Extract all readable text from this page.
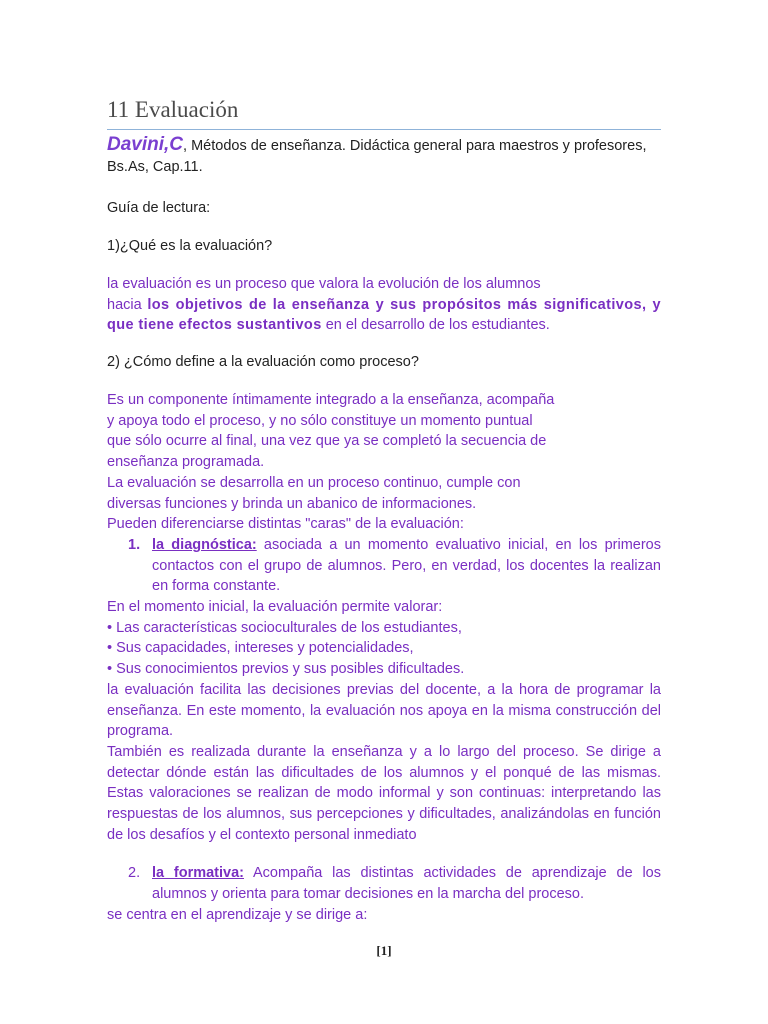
11 Evaluación
Davini,C, Métodos de enseñanza. Didáctica general para maestros y profesores, Bs.As, Cap.11.
Guía de lectura:
1)¿Qué es la evaluación?
la evaluación es un proceso que valora la evolución de los alumnos
hacia los objetivos de la enseñanza y sus propósitos más significativos, y que tiene efectos sustantivos en el desarrollo de los estudiantes.
2) ¿Cómo define a la evaluación como proceso?
Es un componente íntimamente integrado a la enseñanza, acompaña
y apoya todo el proceso, y no sólo constituye un momento puntual
que sólo ocurre al final, una vez que ya se completó la secuencia de
enseñanza programada.
La evaluación se desarrolla en un proceso continuo, cumple con
diversas funciones y brinda un abanico de informaciones.
Pueden diferenciarse distintas "caras" de la evaluación:
1. la diagnóstica: asociada a un momento evaluativo inicial, en los primeros contactos con el grupo de alumnos. Pero, en verdad, los docentes la realizan en forma constante.
En el momento inicial, la evaluación permite valorar:
• Las características socioculturales de los estudiantes,
• Sus capacidades, intereses y potencialidades,
• Sus conocimientos previos y sus posibles dificultades.
la evaluación facilita las decisiones previas del docente, a la hora de programar la enseñanza. En este momento, la evaluación nos apoya en la misma construcción del programa.
También es realizada durante la enseñanza y a lo largo del proceso. Se dirige a detectar dónde están las dificultades de los alumnos y el ponqué de las mismas. Estas valoraciones se realizan de modo informal y son continuas: interpretando las respuestas de los alumnos, sus percepciones y dificultades, analizándolas en función de los desafíos y el contexto personal inmediato
2. la formativa: Acompaña las distintas actividades de aprendizaje de los alumnos y orienta para tomar decisiones en la marcha del proceso.
se centra en el aprendizaje y se dirige a:
[1]
